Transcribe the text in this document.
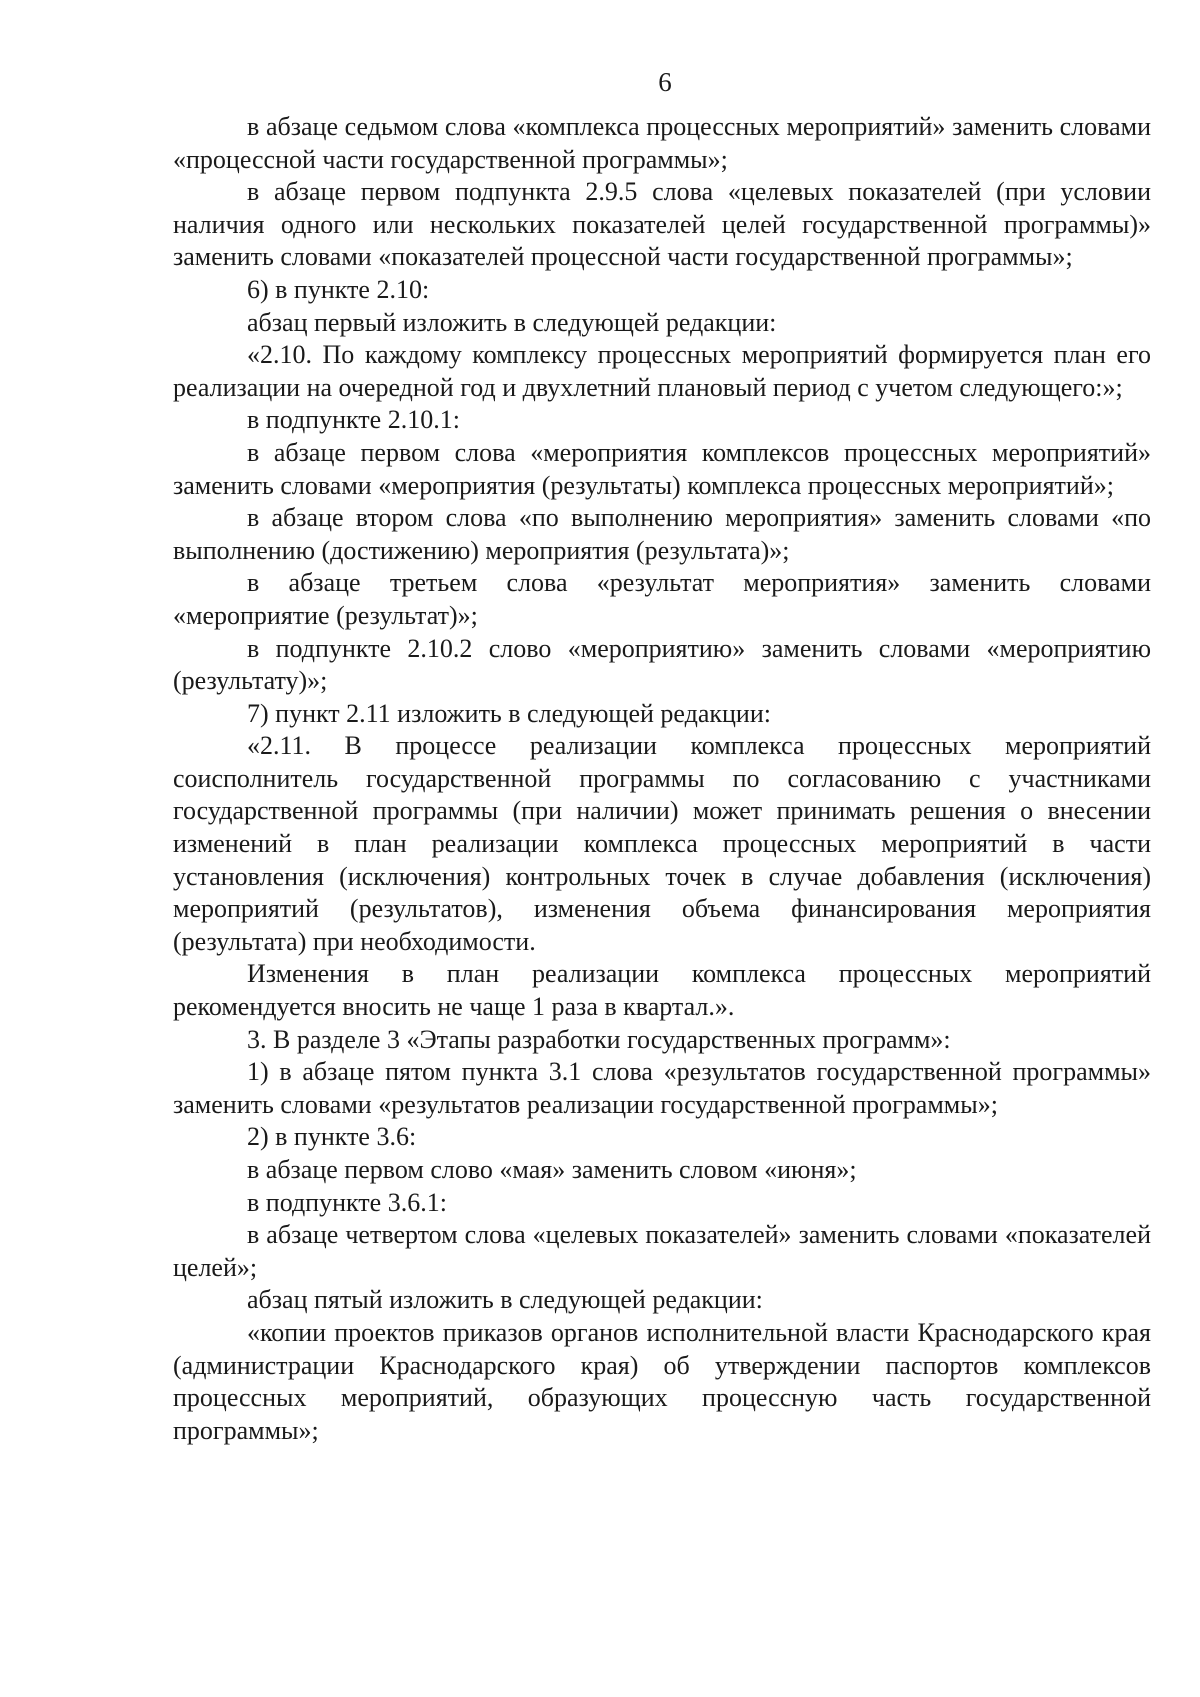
6

в абзаце седьмом слова «комплекса процессных мероприятий» заменить словами «процессной части государственной программы»;

в абзаце первом подпункта 2.9.5 слова «целевых показателей (при условии наличия одного или нескольких показателей целей государственной программы)» заменить словами «показателей процессной части государственной программы»;

6) в пункте 2.10:

абзац первый изложить в следующей редакции:

«2.10. По каждому комплексу процессных мероприятий формируется план его реализации на очередной год и двухлетний плановый период с учетом следующего:»;

в подпункте 2.10.1:

в абзаце первом слова «мероприятия комплексов процессных мероприятий» заменить словами «мероприятия (результаты) комплекса процессных мероприятий»;

в абзаце втором слова «по выполнению мероприятия» заменить словами «по выполнению (достижению) мероприятия (результата)»;

в абзаце третьем слова «результат мероприятия» заменить словами «мероприятие (результат)»;

в подпункте 2.10.2 слово «мероприятию» заменить словами «мероприятию (результату)»;

7) пункт 2.11 изложить в следующей редакции:

«2.11. В процессе реализации комплекса процессных мероприятий соисполнитель государственной программы по согласованию с участниками государственной программы (при наличии) может принимать решения о внесении изменений в план реализации комплекса процессных мероприятий в части установления (исключения) контрольных точек в случае добавления (исключения) мероприятий (результатов), изменения объема финансирования мероприятия (результата) при необходимости.

Изменения в план реализации комплекса процессных мероприятий рекомендуется вносить не чаще 1 раза в квартал.».

3. В разделе 3 «Этапы разработки государственных программ»:

1) в абзаце пятом пункта 3.1 слова «результатов государственной программы» заменить словами «результатов реализации государственной программы»;

2) в пункте 3.6:

в абзаце первом слово «мая» заменить словом «июня»;

в подпункте 3.6.1:

в абзаце четвертом слова «целевых показателей» заменить словами «показателей целей»;

абзац пятый изложить в следующей редакции:

«копии проектов приказов органов исполнительной власти Краснодарского края (администрации Краснодарского края) об утверждении паспортов комплексов процессных мероприятий, образующих процессную часть государственной программы»;
